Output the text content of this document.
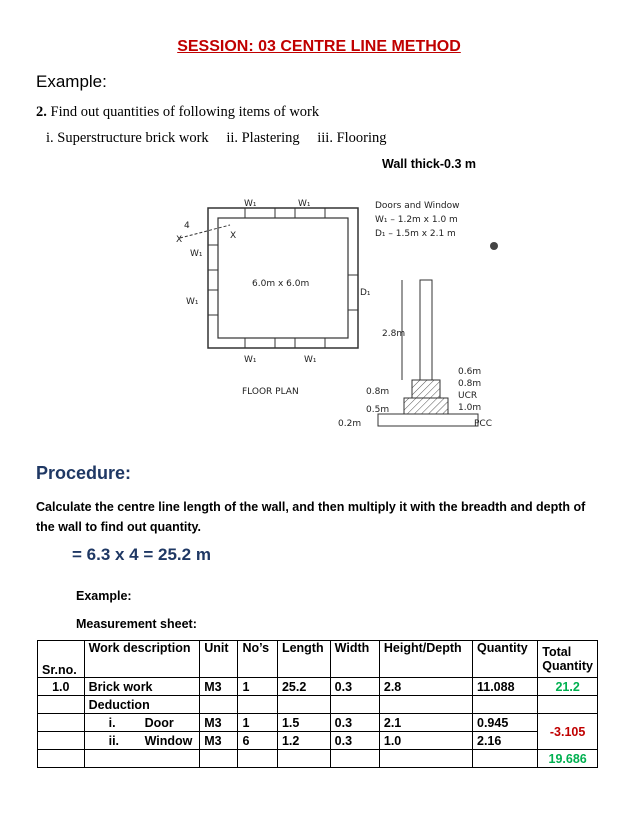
SESSION: 03 CENTRE LINE METHOD
Example:
2. Find out quantities of following items of work
i. Superstructure brick work ii. Plastering iii. Flooring
Wall thick-0.3 m
W₁	W₁
W₁
W₁
W₁	W₁
D₁
X	X
4
6.0m x 6.0m
FLOOR PLAN
Doors and Window
W₁ – 1.2m x 1.0 m
D₁ – 1.5m x 2.1 m
2.8m
0.6m
0.8m
UCR
1.0m
PCC
0.8m
0.5m
0.2m
Procedure:
Calculate the centre line length of the wall, and then multiply it with the breadth and depth of the wall to find out quantity.
= 6.3 x 4 = 25.2 m
Example:
Measurement sheet:
Sr.no.	Work description	Unit	No’s	Length	Width	Height/Depth	Quantity	Total Quantity
1.0	Brick work	M3	1	25.2	0.3	2.8	11.088	21.2
	Deduction							
	i. Door	M3	1	1.5	0.3	2.1	0.945	-3.105
	ii. Window	M3	6	1.2	0.3	1.0	2.16	
								19.686
